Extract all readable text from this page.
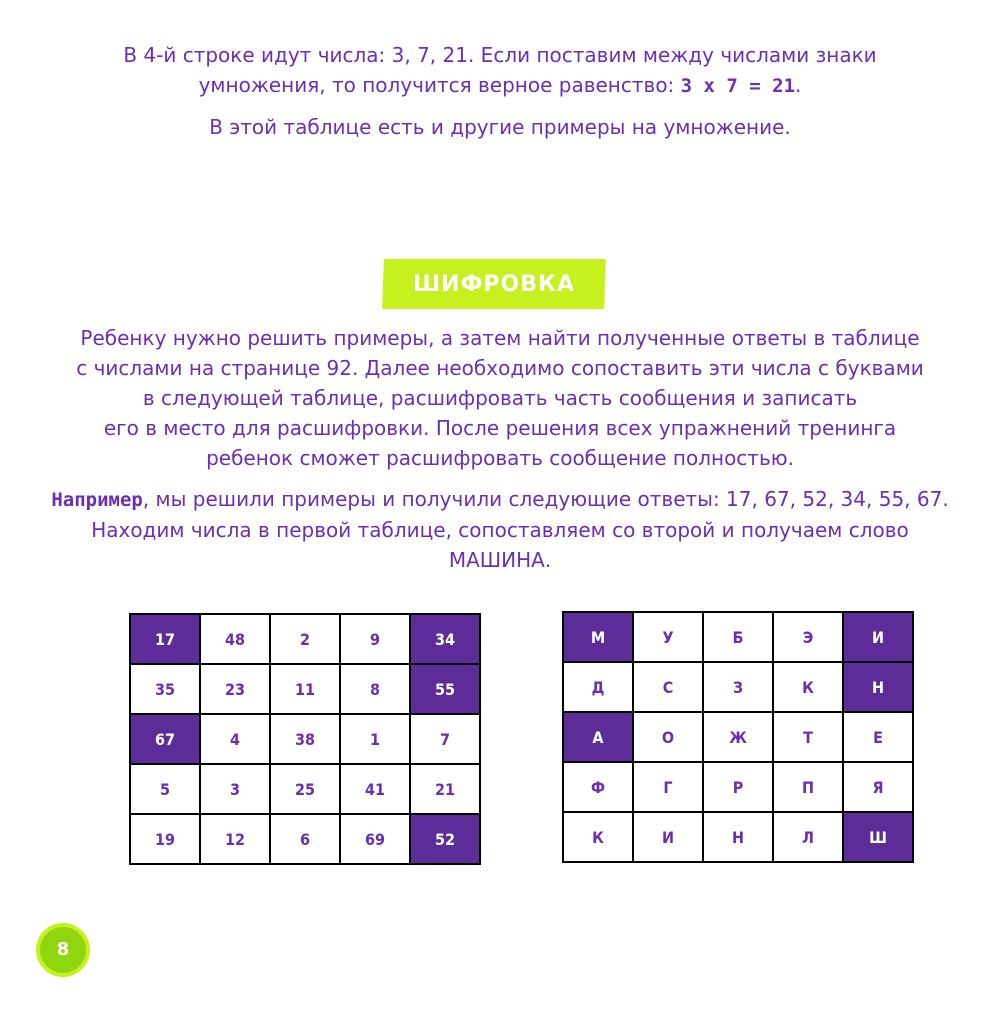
В 4-й строке идут числа: 3, 7, 21. Если поставим между числами знаки
умножения, то получится верное равенство: 3 х 7 = 21.

В этой таблице есть и другие примеры на умножение.

ШИФРОВКА

Ребенку нужно решить примеры, а затем найти полученные ответы в таблице
с числами на странице 92. Далее необходимо сопоставить эти числа с буквами
в следующей таблице, расшифровать часть сообщения и записать
его в место для расшифровки. После решения всех упражнений тренинга
ребенок сможет расшифровать сообщение полностью.

Например, мы решили примеры и получили следующие ответы: 17, 67, 52, 34, 55, 67.
Находим числа в первой таблице, сопоставляем со второй и получаем слово
МАШИНА.

17	48	2	9	34
35	23	11	8	55
67	4	38	1	7
5	3	25	41	21
19	12	6	69	52
М	У	Б	Э	И
Д	С	З	К	Н
А	О	Ж	Т	Е
Ф	Г	Р	П	Я
К	И	Н	Л	Ш
8
